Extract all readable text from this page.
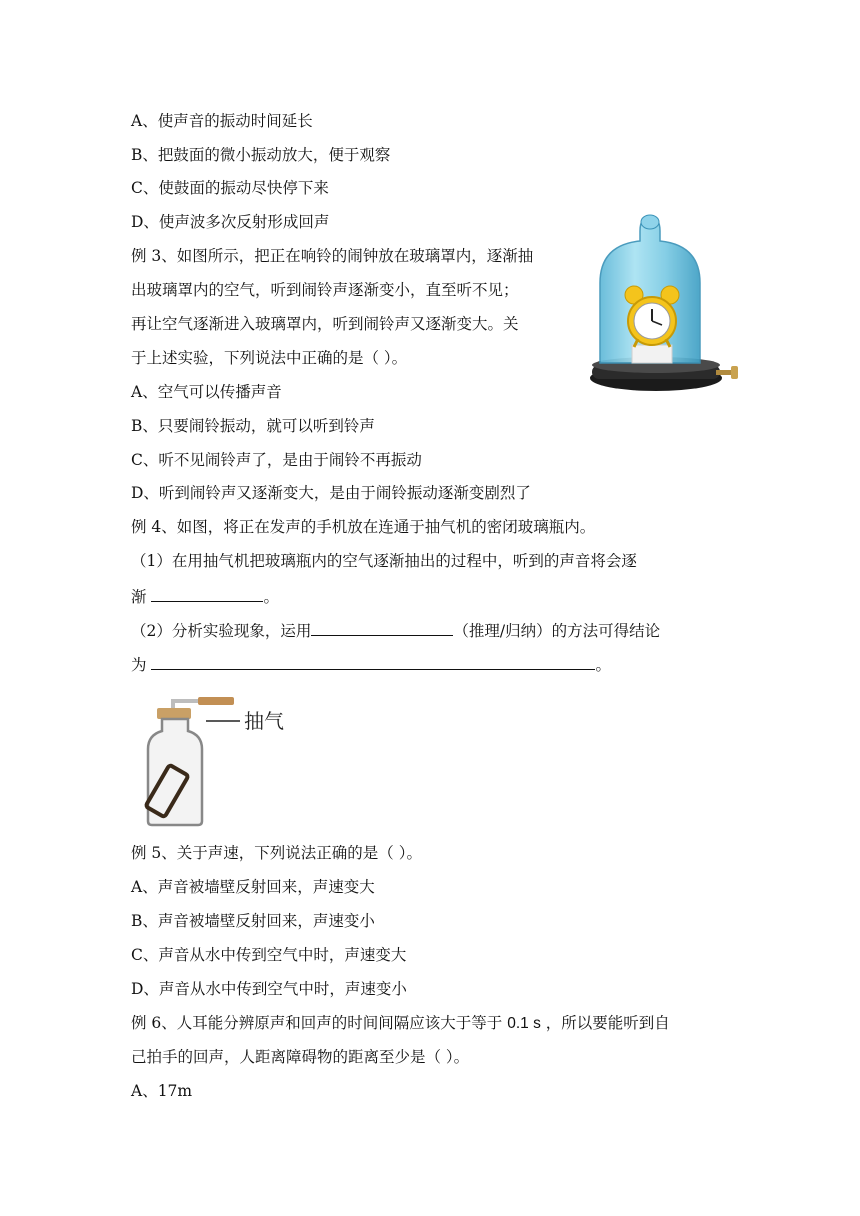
A、使声音的振动时间延长
B、把鼓面的微小振动放大，便于观察
C、使鼓面的振动尽快停下来
D、使声波多次反射形成回声
例 3、如图所示，把正在响铃的闹钟放在玻璃罩内，逐渐抽
出玻璃罩内的空气，听到闹铃声逐渐变小，直至听不见；
再让空气逐渐进入玻璃罩内，听到闹铃声又逐渐变大。关
于上述实验，下列说法中正确的是（ ）。
A、空气可以传播声音
B、只要闹铃振动，就可以听到铃声
C、听不见闹铃声了，是由于闹铃不再振动
D、听到闹铃声又逐渐变大，是由于闹铃振动逐渐变剧烈了
例 4、如图，将正在发声的手机放在连通于抽气机的密闭玻璃瓶内。
（1）在用抽气机把玻璃瓶内的空气逐渐抽出的过程中，听到的声音将会逐
渐	。
（2）分析实验现象，运用	（推理/归纳）的方法可得结论
为	。
抽气
例 5、关于声速，下列说法正确的是（ ）。
A、声音被墙壁反射回来，声速变大
B、声音被墙壁反射回来，声速变小
C、声音从水中传到空气中时，声速变大
D、声音从水中传到空气中时，声速变小
例 6、人耳能分辨原声和回声的时间间隔应该大于等于 0.1 s ，所以要能听到自
己拍手的回声，人距离障碍物的距离至少是（ ）。
A、17m
